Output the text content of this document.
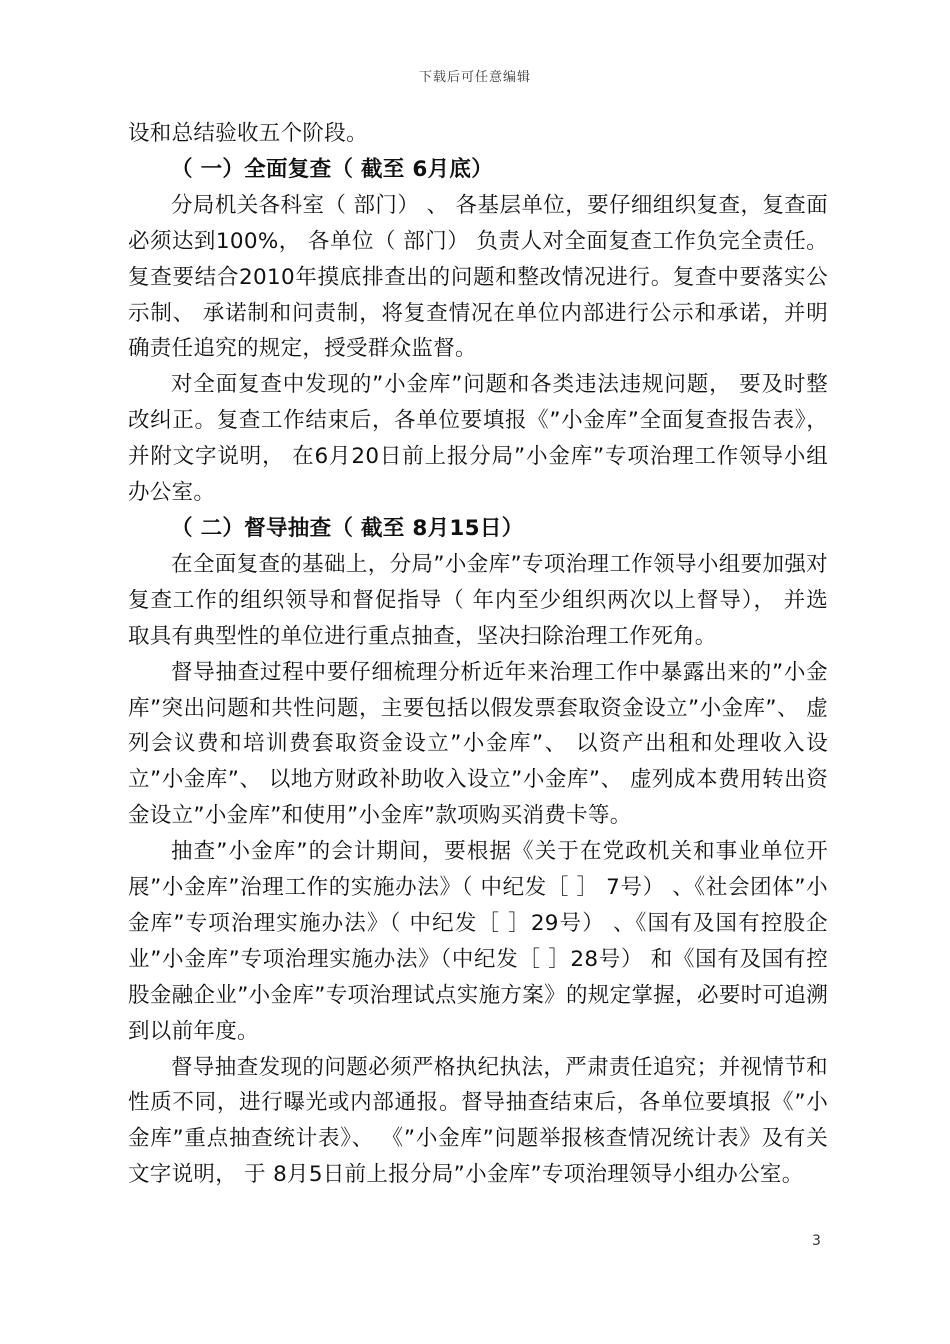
下载后可任意编辑

设和总结验收五个阶段。

（ 一）全面复查（ 截至 6月底）

分局机关各科室（ 部门） 、 各基层单位，要仔细组织复查，复查面必须达到100%， 各单位（ 部门） 负责人对全面复查工作负完全责任。复查要结合2010年摸底排查出的问题和整改情况进行。复查中要落实公示制、 承诺制和问责制，将复查情况在单位内部进行公示和承诺，并明确责任追究的规定，授受群众监督。

对全面复查中发现的”小金库”问题和各类违法违规问题， 要及时整改纠正。复查工作结束后，各单位要填报《”小金库”全面复查报告表》， 并附文字说明， 在6月20日前上报分局”小金库”专项治理工作领导小组办公室。

（ 二）督导抽查（ 截至 8月15日）

在全面复查的基础上，分局”小金库”专项治理工作领导小组要加强对复查工作的组织领导和督促指导（ 年内至少组织两次以上督导）， 并选取具有典型性的单位进行重点抽查，坚决扫除治理工作死角。

督导抽查过程中要仔细梳理分析近年来治理工作中暴露出来的”小金库”突出问题和共性问题，主要包括以假发票套取资金设立”小金库”、 虚列会议费和培训费套取资金设立”小金库”、 以资产出租和处理收入设立”小金库”、 以地方财政补助收入设立”小金库”、 虚列成本费用转出资金设立”小金库”和使用”小金库”款项购买消费卡等。

抽查”小金库”的会计期间，要根据《关于在党政机关和事业单位开展”小金库”治理工作的实施办法》（ 中纪发［ ］ 7号） 、《社会团体”小金库”专项治理实施办法》（ 中纪发［ ］29号） 、《国有及国有控股企业”小金库”专项治理实施办法》（中纪发［ ］28号） 和《国有及国有控股金融企业”小金库”专项治理试点实施方案》的规定掌握，必要时可追溯到以前年度。

督导抽查发现的问题必须严格执纪执法，严肃责任追究；并视情节和性质不同，进行曝光或内部通报。督导抽查结束后，各单位要填报《”小金库”重点抽查统计表》、 《”小金库”问题举报核查情况统计表》及有关文字说明， 于 8月5日前上报分局”小金库”专项治理领导小组办公室。

3
